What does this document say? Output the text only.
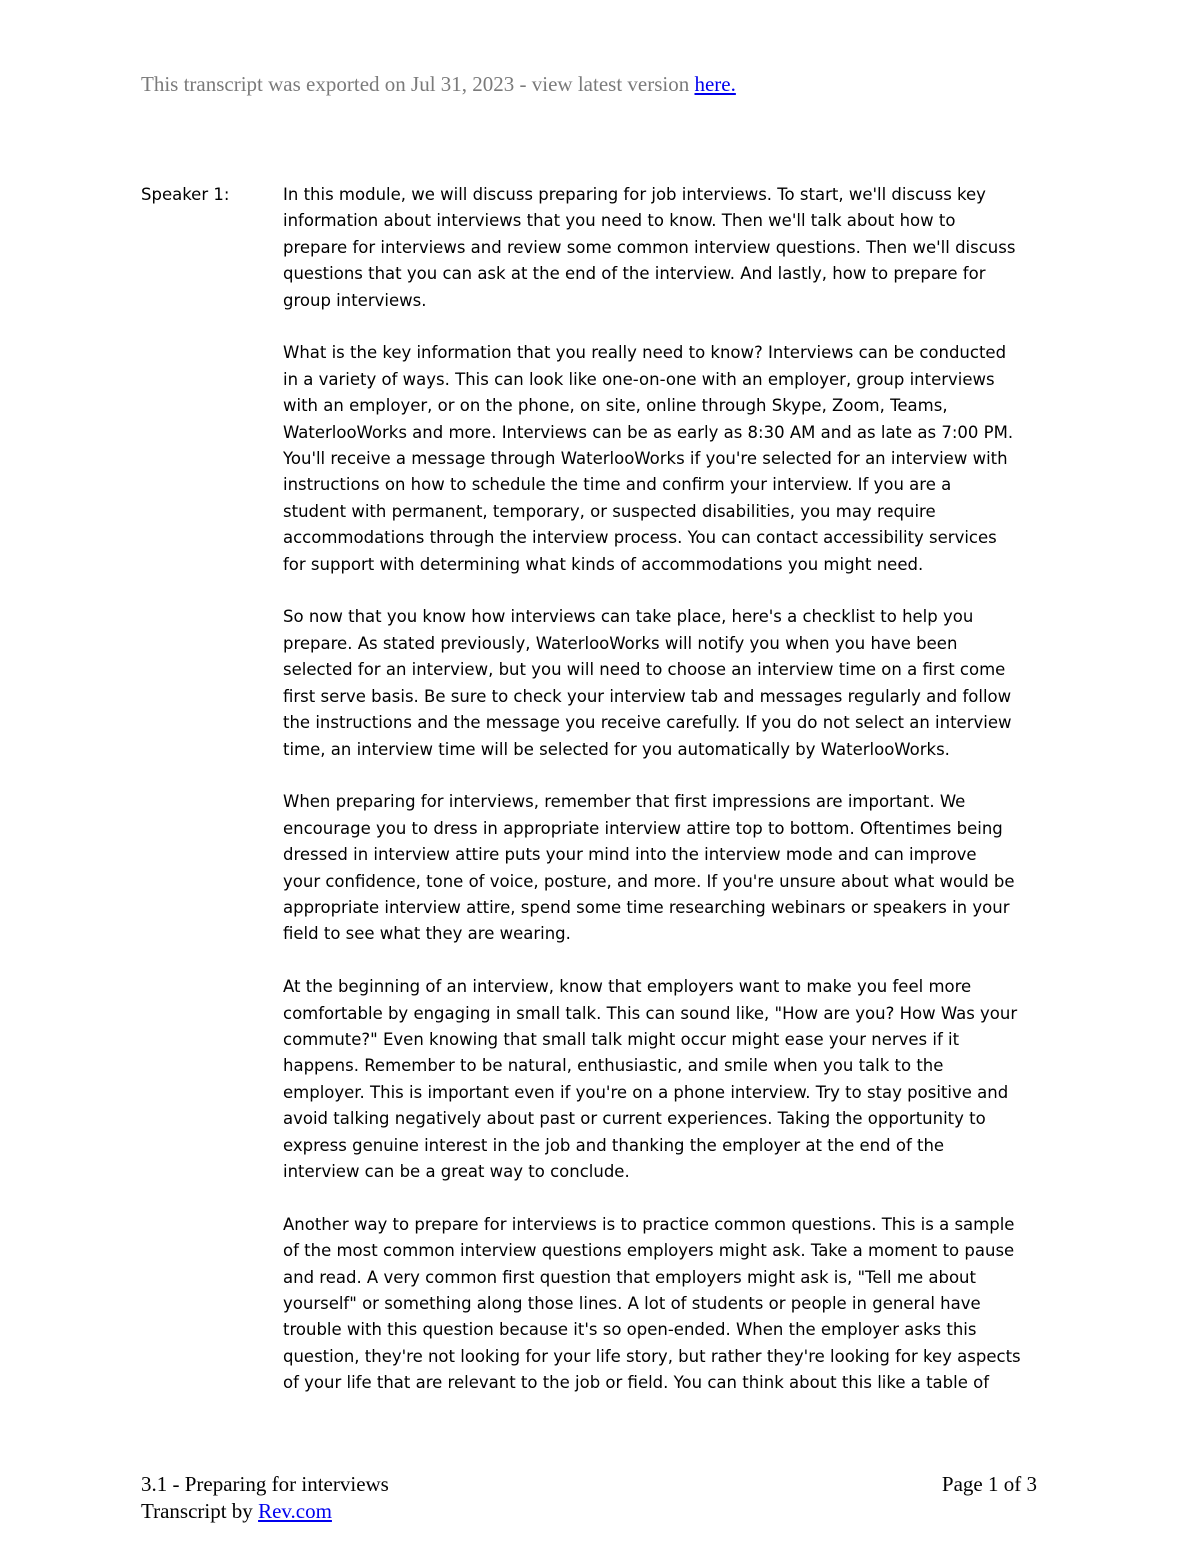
This transcript was exported on Jul 31, 2023 - view latest version here.
Speaker 1:	In this module, we will discuss preparing for job interviews. To start, we'll discuss key
information about interviews that you need to know. Then we'll talk about how to
prepare for interviews and review some common interview questions. Then we'll discuss
questions that you can ask at the end of the interview. And lastly, how to prepare for
group interviews.

What is the key information that you really need to know? Interviews can be conducted
in a variety of ways. This can look like one-on-one with an employer, group interviews
with an employer, or on the phone, on site, online through Skype, Zoom, Teams,
WaterlooWorks and more. Interviews can be as early as 8:30 AM and as late as 7:00 PM.
You'll receive a message through WaterlooWorks if you're selected for an interview with
instructions on how to schedule the time and confirm your interview. If you are a
student with permanent, temporary, or suspected disabilities, you may require
accommodations through the interview process. You can contact accessibility services
for support with determining what kinds of accommodations you might need.

So now that you know how interviews can take place, here's a checklist to help you
prepare. As stated previously, WaterlooWorks will notify you when you have been
selected for an interview, but you will need to choose an interview time on a first come
first serve basis. Be sure to check your interview tab and messages regularly and follow
the instructions and the message you receive carefully. If you do not select an interview
time, an interview time will be selected for you automatically by WaterlooWorks.

When preparing for interviews, remember that first impressions are important. We
encourage you to dress in appropriate interview attire top to bottom. Oftentimes being
dressed in interview attire puts your mind into the interview mode and can improve
your confidence, tone of voice, posture, and more. If you're unsure about what would be
appropriate interview attire, spend some time researching webinars or speakers in your
field to see what they are wearing.

At the beginning of an interview, know that employers want to make you feel more
comfortable by engaging in small talk. This can sound like, "How are you? How Was your
commute?" Even knowing that small talk might occur might ease your nerves if it
happens. Remember to be natural, enthusiastic, and smile when you talk to the
employer. This is important even if you're on a phone interview. Try to stay positive and
avoid talking negatively about past or current experiences. Taking the opportunity to
express genuine interest in the job and thanking the employer at the end of the
interview can be a great way to conclude.

Another way to prepare for interviews is to practice common questions. This is a sample
of the most common interview questions employers might ask. Take a moment to pause
and read. A very common first question that employers might ask is, "Tell me about
yourself" or something along those lines. A lot of students or people in general have
trouble with this question because it's so open-ended. When the employer asks this
question, they're not looking for your life story, but rather they're looking for key aspects
of your life that are relevant to the job or field. You can think about this like a table of

3.1 - Preparing for interviews
Transcript by Rev.com
Page 1 of 3
